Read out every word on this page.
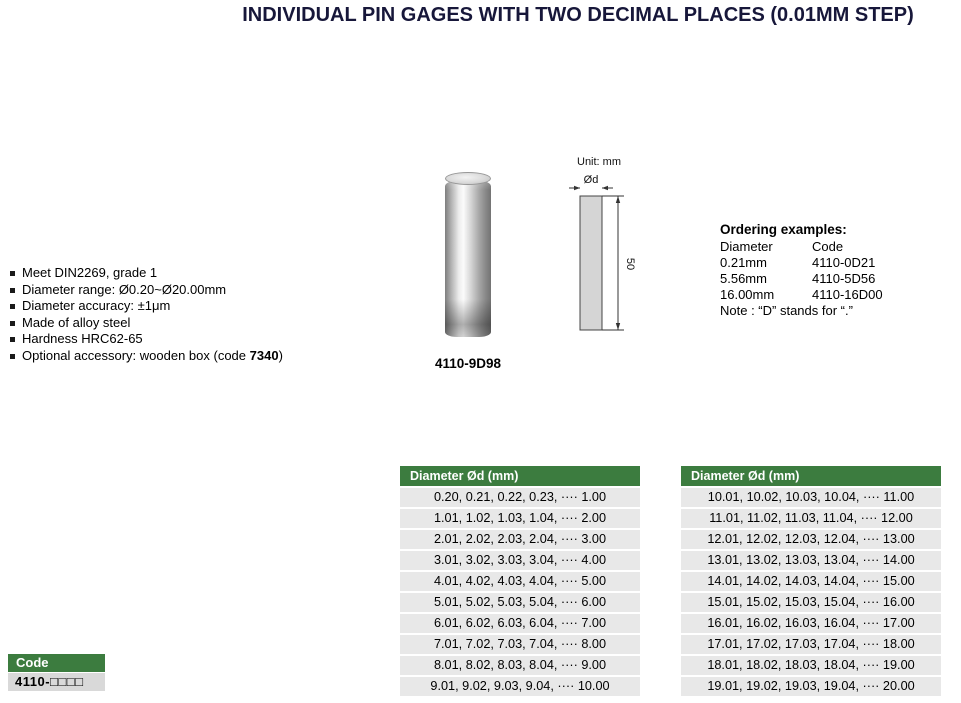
INDIVIDUAL PIN GAGES WITH TWO DECIMAL PLACES (0.01MM STEP)
Meet DIN2269, grade 1
Diameter range: Ø0.20~Ø20.00mm
Diameter accuracy: ±1μm
Made of alloy steel
Hardness HRC62-65
Optional accessory: wooden box (code 7340)
4110-9D98
Unit: mm
Ød
50
Ordering examples:
Diameter	Code
0.21mm	4110-0D21
5.56mm	4110-5D56
16.00mm	4110-16D00
Note : “D” stands for “.”
Code
4110-□□□□
Diameter Ød (mm)
0.20, 0.21, 0.22, 0.23, ···· 1.00
1.01, 1.02, 1.03, 1.04, ···· 2.00
2.01, 2.02, 2.03, 2.04, ···· 3.00
3.01, 3.02, 3.03, 3.04, ···· 4.00
4.01, 4.02, 4.03, 4.04, ···· 5.00
5.01, 5.02, 5.03, 5.04, ···· 6.00
6.01, 6.02, 6.03, 6.04, ···· 7.00
7.01, 7.02, 7.03, 7.04, ···· 8.00
8.01, 8.02, 8.03, 8.04, ···· 9.00
9.01, 9.02, 9.03, 9.04, ···· 10.00
Diameter Ød (mm)
10.01, 10.02, 10.03, 10.04, ···· 11.00
11.01, 11.02, 11.03, 11.04, ···· 12.00
12.01, 12.02, 12.03, 12.04, ···· 13.00
13.01, 13.02, 13.03, 13.04, ···· 14.00
14.01, 14.02, 14.03, 14.04, ···· 15.00
15.01, 15.02, 15.03, 15.04, ···· 16.00
16.01, 16.02, 16.03, 16.04, ···· 17.00
17.01, 17.02, 17.03, 17.04, ···· 18.00
18.01, 18.02, 18.03, 18.04, ···· 19.00
19.01, 19.02, 19.03, 19.04, ···· 20.00
